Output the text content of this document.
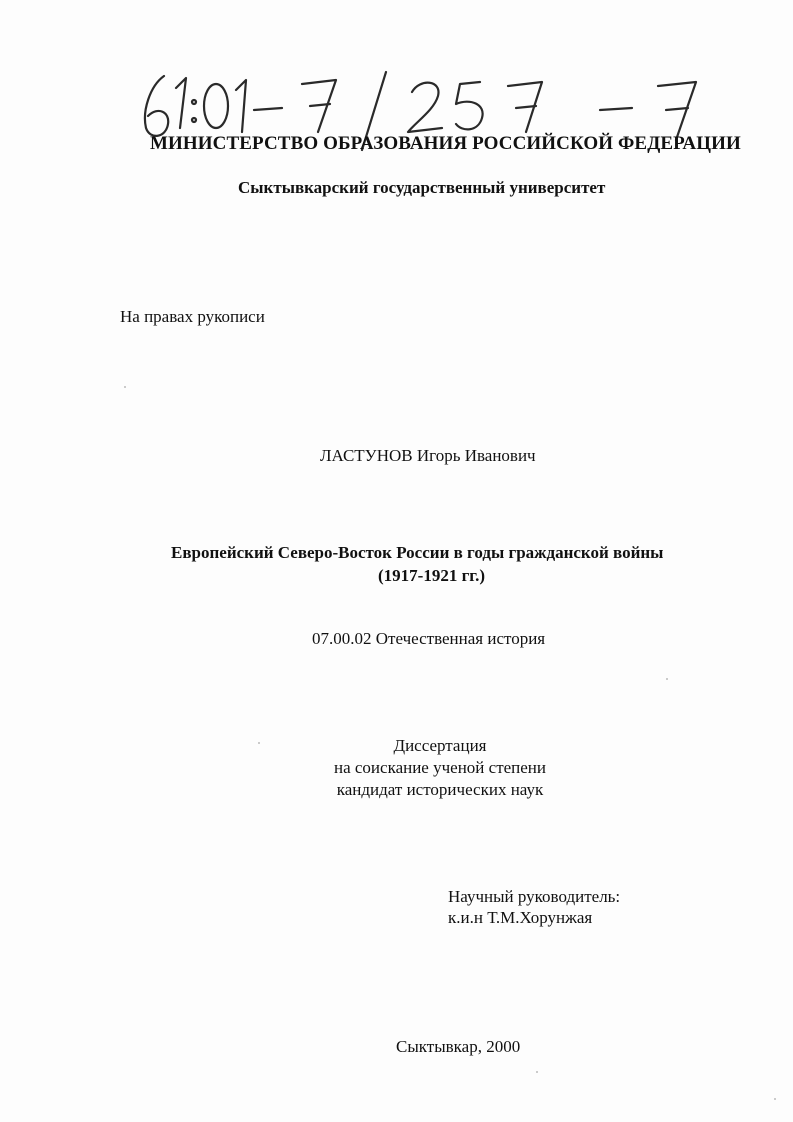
МИНИСТЕРСТВО ОБРАЗОВАНИЯ РОССИЙСКОЙ ФЕДЕРАЦИИ
Сыктывкарский государственный университет
На правах рукописи
ЛАСТУНОВ Игорь Иванович
Европейский Северо-Восток России в годы гражданской войны
(1917-1921 гг.)
07.00.02 Отечественная история
Диссертация
на соискание ученой степени
кандидат исторических наук
Научный руководитель:
к.и.н Т.М.Хорунжая
Сыктывкар, 2000
